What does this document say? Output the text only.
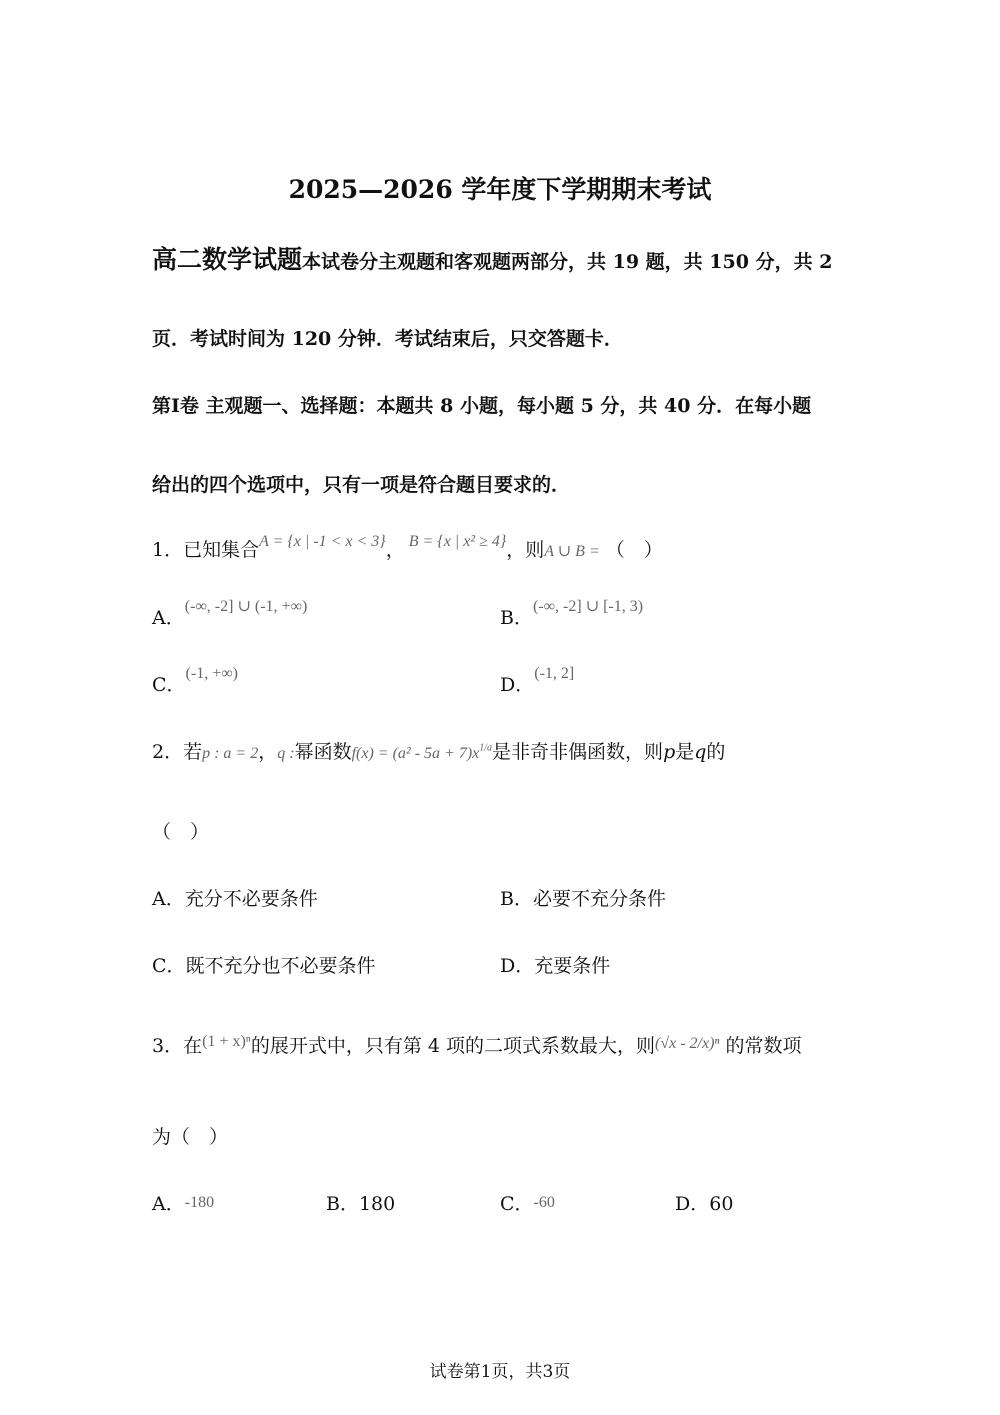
2025—2026 学年度下学期期末考试
高二数学试题本试卷分主观题和客观题两部分，共 19 题，共 150 分，共 2
页．考试时间为 120 分钟．考试结束后，只交答题卡．
第Ⅰ卷 主观题一、选择题：本题共 8 小题，每小题 5 分，共 40 分．在每小题
给出的四个选项中，只有一项是符合题目要求的．
1．已知集合$^{A = \{x | -1 < x < 3\}}$， $^{B = \{x | x^2 \ge 4\}}$，则A ∪ B = （　）
A．$^{(-\infty, -2] \cup (-1, +\infty)}$
B．$^{(-\infty, -2] \cup [-1, 3)}$
C．$^{(-1, +\infty)}$
D．$^{(-1, 2]}$
2．若p : a = 2，q :幂函数$f(x) = (a^2 - 5a + 7)x^{1/a}$是非奇非偶函数，则p是q的
（　）
A．充分不必要条件	B．必要不充分条件
C．既不充分也不必要条件	D．充要条件
3．在$^{(1 + x)^n}$的展开式中，只有第 4 项的二项式系数最大，则$^{(√x - 2/x)^n}$ 的常数项
为（　）
A．-180	B．180	C．-60	D．60
试卷第1页，共3页
